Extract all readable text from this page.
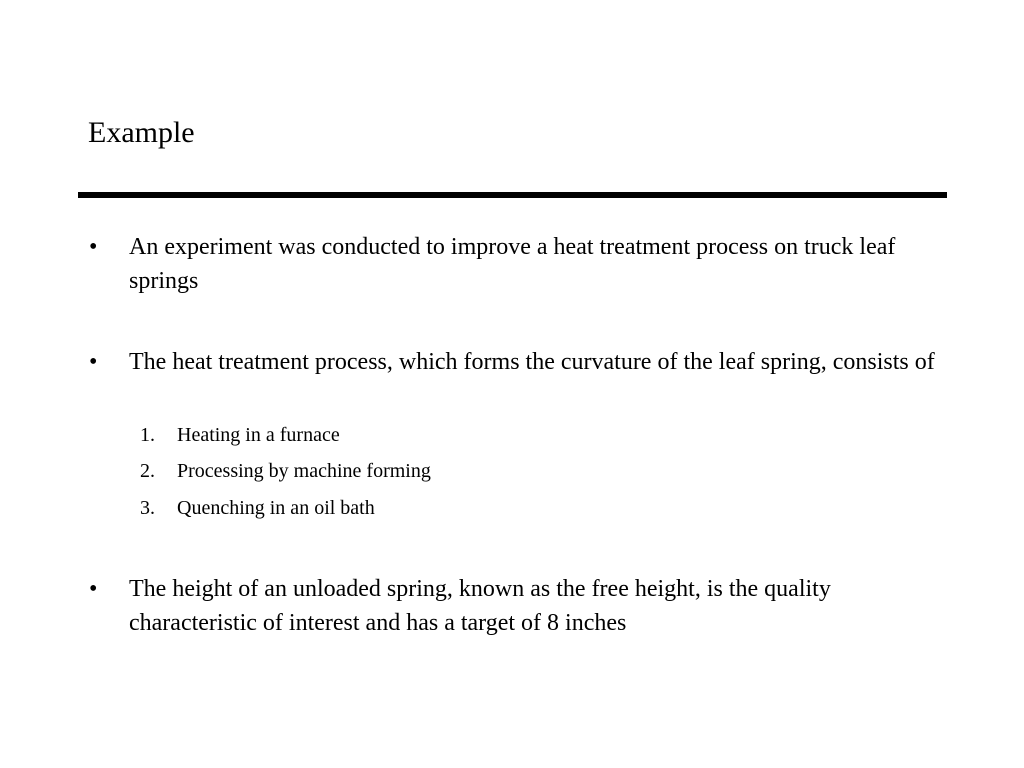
Example
• An experiment was conducted to improve a heat treatment process on truck leaf springs
• The heat treatment process, which forms the curvature of the leaf spring, consists of
1. Heating in a furnace
2. Processing by machine forming
3. Quenching in an oil bath
• The height of an unloaded spring, known as the free height, is the quality characteristic of interest and has a target of 8 inches
